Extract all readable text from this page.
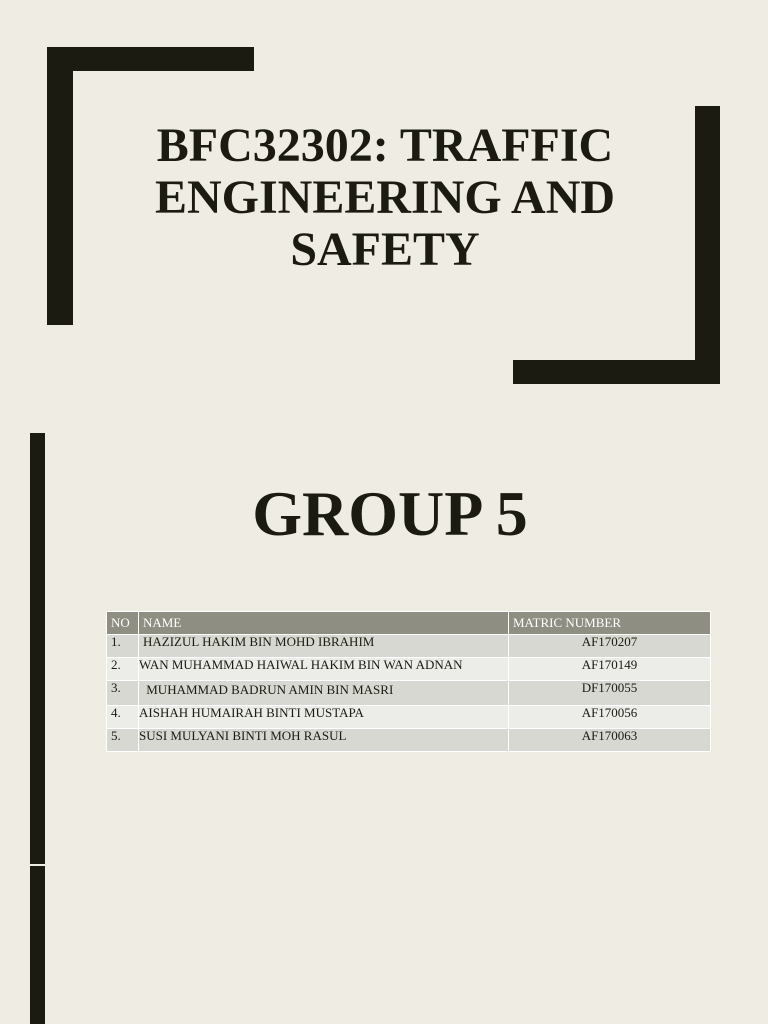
BFC32302: TRAFFIC ENGINEERING AND SAFETY
GROUP 5
NO	NAME	MATRIC NUMBER
1.	HAZIZUL HAKIM BIN MOHD IBRAHIM	AF170207
2.	WAN MUHAMMAD HAIWAL HAKIM BIN WAN ADNAN	AF170149
3.	MUHAMMAD BADRUN AMIN BIN MASRI	DF170055
4.	AISHAH HUMAIRAH BINTI MUSTAPA	AF170056
5.	SUSI MULYANI BINTI MOH RASUL	AF170063
